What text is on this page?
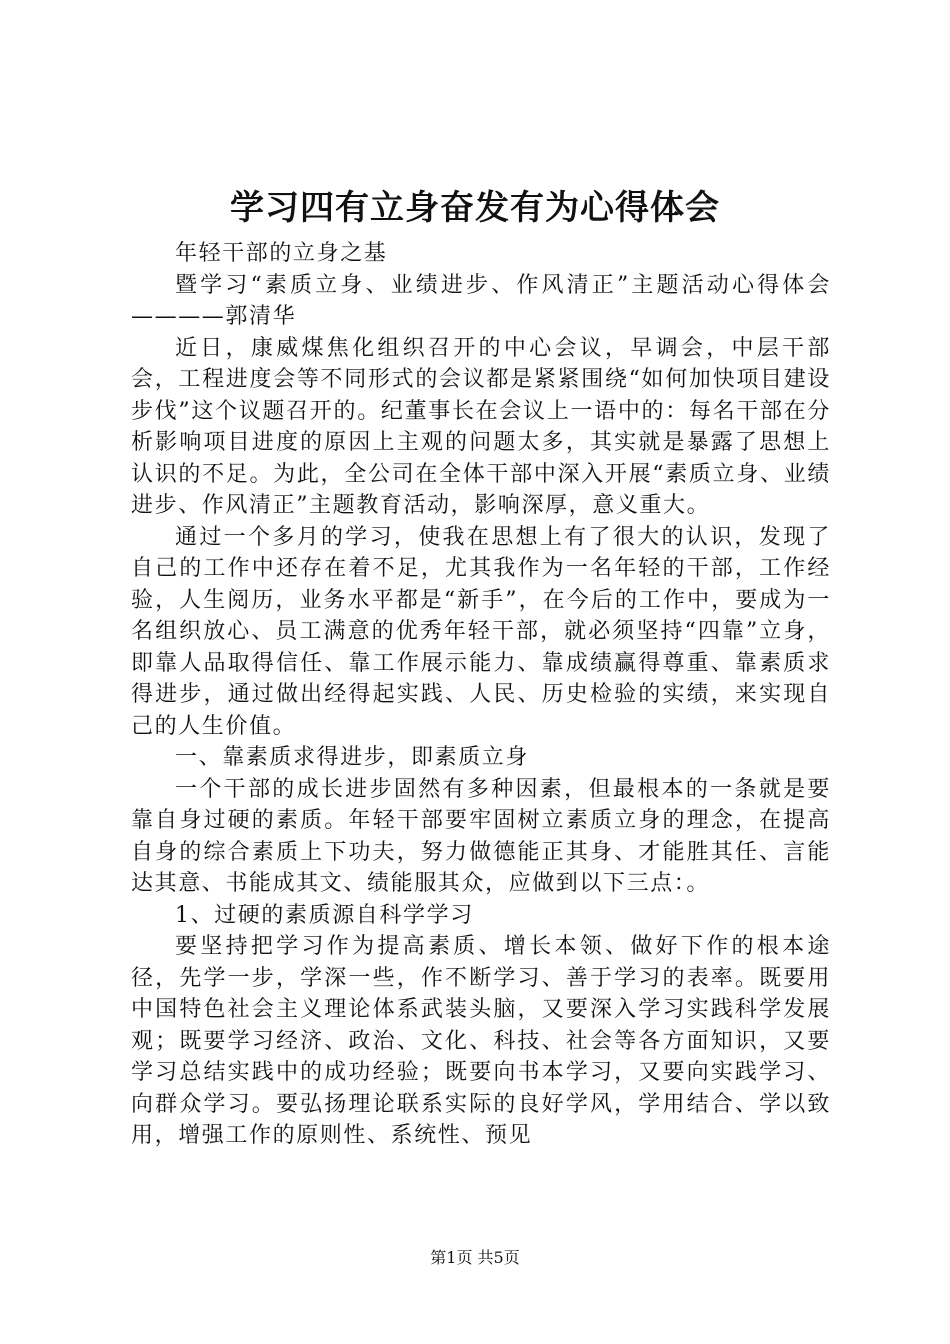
学习四有立身奋发有为心得体会

年轻干部的立身之基

暨学习“素质立身、业绩进步、作风清正”主题活动心得体会————郭清华

近日，康威煤焦化组织召开的中心会议，早调会，中层干部会，工程进度会等不同形式的会议都是紧紧围绕“如何加快项目建设步伐”这个议题召开的。纪董事长在会议上一语中的：每名干部在分析影响项目进度的原因上主观的问题太多，其实就是暴露了思想上认识的不足。为此，全公司在全体干部中深入开展“素质立身、业绩进步、作风清正”主题教育活动，影响深厚，意义重大。

通过一个多月的学习，使我在思想上有了很大的认识，发现了自己的工作中还存在着不足，尤其我作为一名年轻的干部，工作经验，人生阅历，业务水平都是“新手”，在今后的工作中，要成为一名组织放心、员工满意的优秀年轻干部，就必须坚持“四靠”立身，即靠人品取得信任、靠工作展示能力、靠成绩赢得尊重、靠素质求得进步，通过做出经得起实践、人民、历史检验的实绩，来实现自己的人生价值。

一、靠素质求得进步，即素质立身

一个干部的成长进步固然有多种因素，但最根本的一条就是要靠自身过硬的素质。年轻干部要牢固树立素质立身的理念，在提高自身的综合素质上下功夫，努力做德能正其身、才能胜其任、言能达其意、书能成其文、绩能服其众，应做到以下三点：。

1、过硬的素质源自科学学习

要坚持把学习作为提高素质、增长本领、做好下作的根本途径，先学一步，学深一些，作不断学习、善于学习的表率。既要用中国特色社会主义理论体系武装头脑，又要深入学习实践科学发展观；既要学习经济、政治、文化、科技、社会等各方面知识，又要学习总结实践中的成功经验；既要向书本学习，又要向实践学习、向群众学习。要弘扬理论联系实际的良好学风，学用结合、学以致用，增强工作的原则性、系统性、预见

第1页 共5页
